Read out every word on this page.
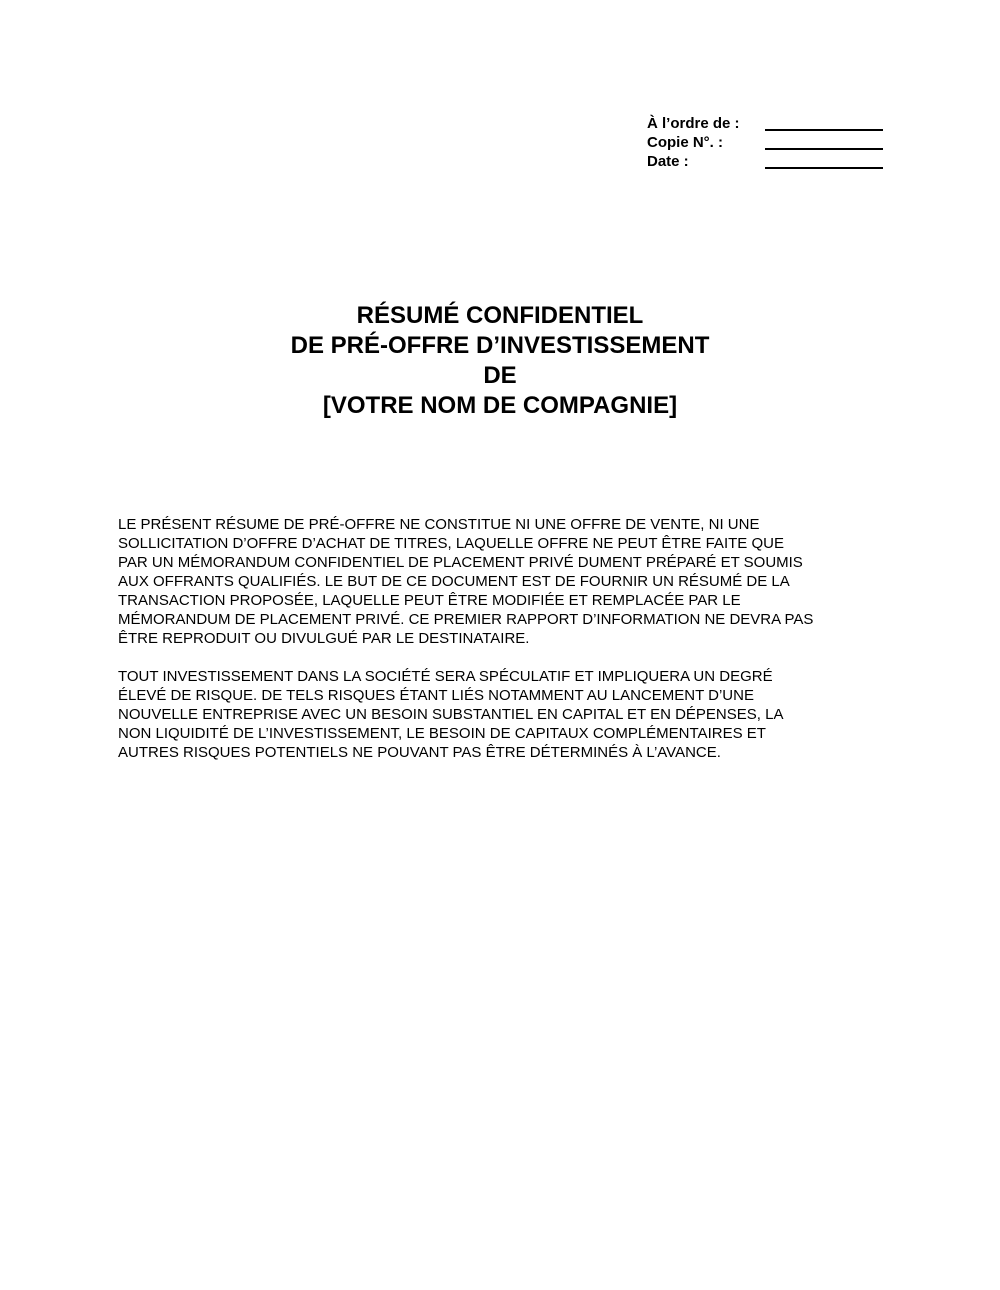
À l’ordre de :
Copie N°. :
Date :
RÉSUMÉ CONFIDENTIEL
DE PRÉ-OFFRE D’INVESTISSEMENT
DE
[VOTRE NOM DE COMPAGNIE]
LE PRÉSENT RÉSUME DE PRÉ-OFFRE NE CONSTITUE NI UNE OFFRE DE VENTE, NI UNE
SOLLICITATION D’OFFRE D’ACHAT DE TITRES, LAQUELLE OFFRE NE PEUT ÊTRE FAITE QUE
PAR UN MÉMORANDUM CONFIDENTIEL DE PLACEMENT PRIVÉ DUMENT PRÉPARÉ ET SOUMIS
AUX OFFRANTS QUALIFIÉS. LE BUT DE CE DOCUMENT EST DE FOURNIR UN RÉSUMÉ DE LA
TRANSACTION PROPOSÉE, LAQUELLE PEUT ÊTRE MODIFIÉE ET REMPLACÉE PAR LE
MÉMORANDUM DE PLACEMENT PRIVÉ. CE PREMIER RAPPORT D’INFORMATION NE DEVRA PAS
ÊTRE REPRODUIT OU DIVULGUÉ PAR LE DESTINATAIRE.
TOUT INVESTISSEMENT DANS LA SOCIÉTÉ SERA SPÉCULATIF ET IMPLIQUERA UN DEGRÉ
ÉLEVÉ DE RISQUE. DE TELS RISQUES ÉTANT LIÉS NOTAMMENT AU LANCEMENT D’UNE
NOUVELLE ENTREPRISE AVEC UN BESOIN SUBSTANTIEL EN CAPITAL ET EN DÉPENSES, LA
NON LIQUIDITÉ DE L’INVESTISSEMENT, LE BESOIN DE CAPITAUX COMPLÉMENTAIRES ET
AUTRES RISQUES POTENTIELS NE POUVANT PAS ÊTRE DÉTERMINÉS À L’AVANCE.
